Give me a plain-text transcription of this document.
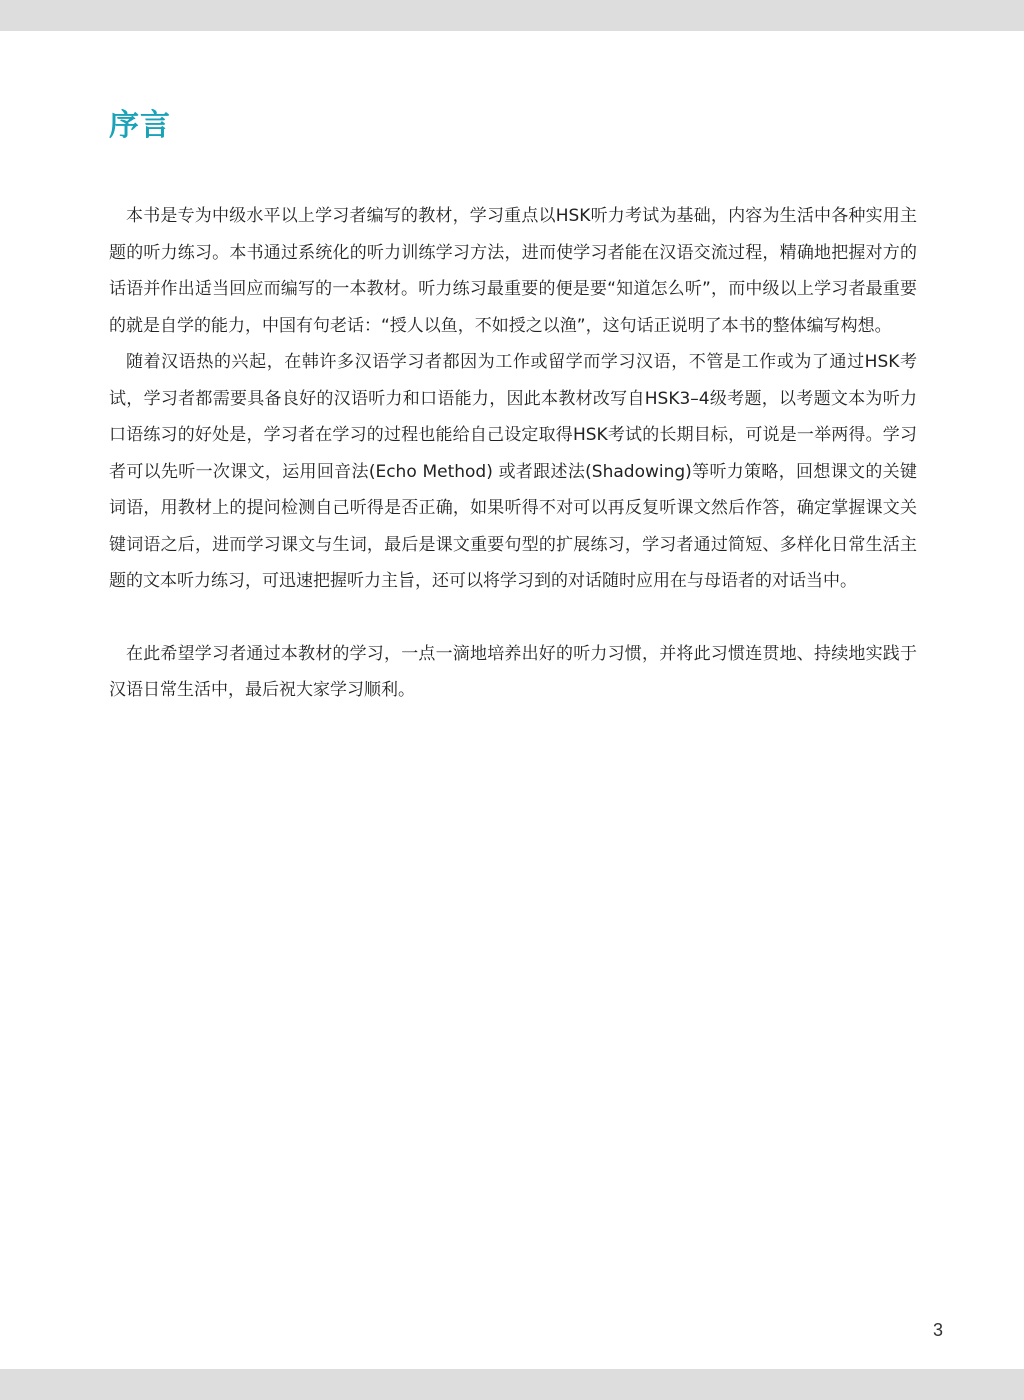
序言

本书是专为中级水平以上学习者编写的教材，学习重点以HSK听力考试为基础，内容为生活中各种实用主题的听力练习。本书通过系统化的听力训练学习方法，进而使学习者能在汉语交流过程，精确地把握对方的话语并作出适当回应而编写的一本教材。听力练习最重要的便是要“知道怎么听”，而中级以上学习者最重要的就是自学的能力，中国有句老话：“授人以鱼，不如授之以渔”，这句话正说明了本书的整体编写构想。

随着汉语热的兴起，在韩许多汉语学习者都因为工作或留学而学习汉语，不管是工作或为了通过HSK考试，学习者都需要具备良好的汉语听力和口语能力，因此本教材改写自HSK3–4级考题，以考题文本为听力口语练习的好处是，学习者在学习的过程也能给自己设定取得HSK考试的长期目标，可说是一举两得。学习者可以先听一次课文，运用回音法(Echo Method) 或者跟述法(Shadowing)等听力策略，回想课文的关键词语，用教材上的提问检测自己听得是否正确，如果听得不对可以再反复听课文然后作答，确定掌握课文关键词语之后，进而学习课文与生词，最后是课文重要句型的扩展练习，学习者通过简短、多样化日常生活主题的文本听力练习，可迅速把握听力主旨，还可以将学习到的对话随时应用在与母语者的对话当中。

在此希望学习者通过本教材的学习，一点一滴地培养出好的听力习惯，并将此习惯连贯地、持续地实践于汉语日常生活中，最后祝大家学习顺利。

3
